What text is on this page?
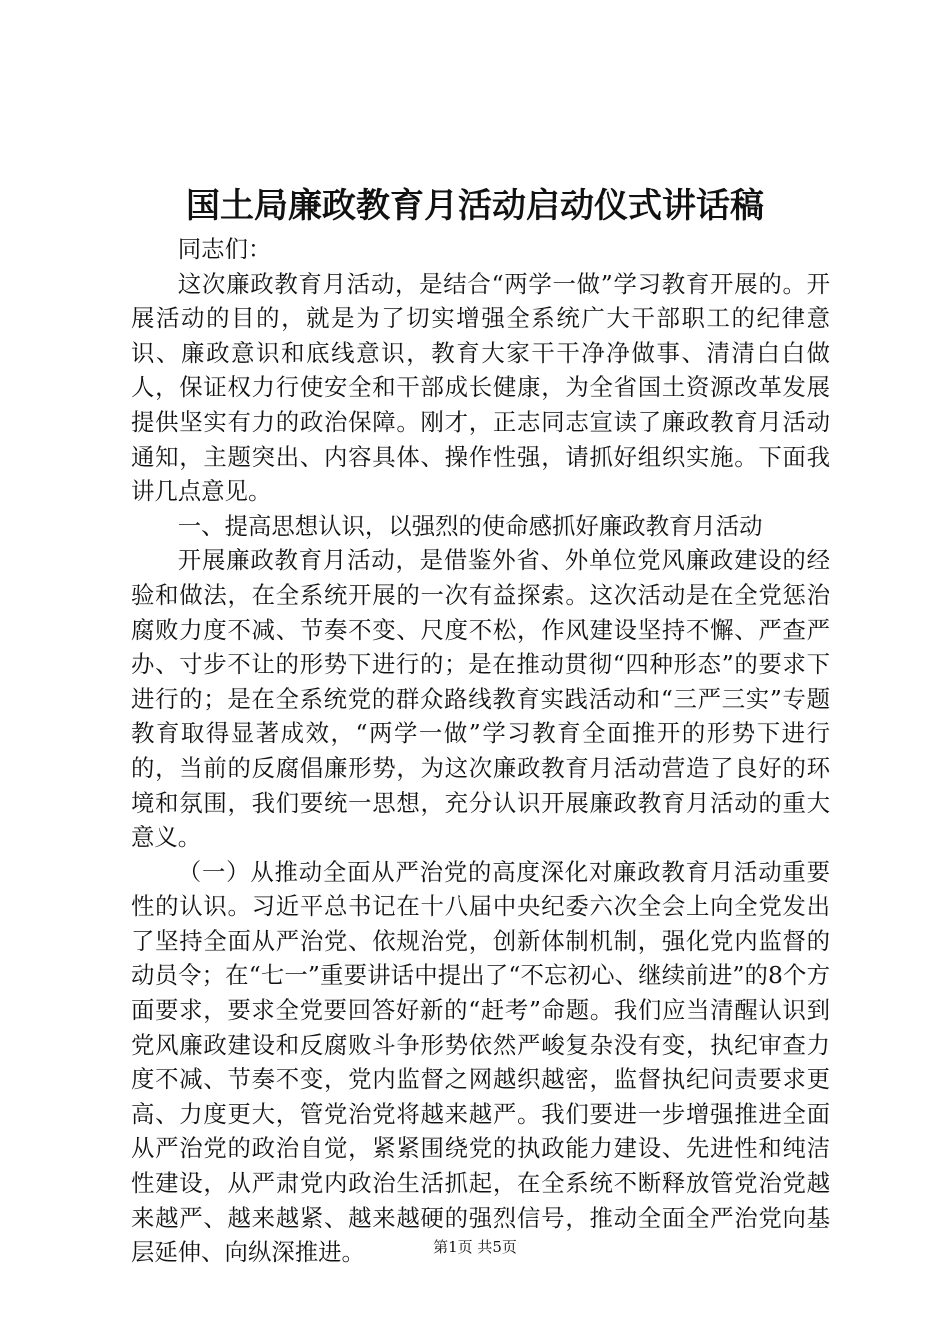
国土局廉政教育月活动启动仪式讲话稿

同志们：

这次廉政教育月活动，是结合“两学一做”学习教育开展的。开展活动的目的，就是为了切实增强全系统广大干部职工的纪律意识、廉政意识和底线意识，教育大家干干净净做事、清清白白做人，保证权力行使安全和干部成长健康，为全省国土资源改革发展提供坚实有力的政治保障。刚才，正志同志宣读了廉政教育月活动通知，主题突出、内容具体、操作性强，请抓好组织实施。下面我讲几点意见。

一、提高思想认识，以强烈的使命感抓好廉政教育月活动

开展廉政教育月活动，是借鉴外省、外单位党风廉政建设的经验和做法，在全系统开展的一次有益探索。这次活动是在全党惩治腐败力度不减、节奏不变、尺度不松，作风建设坚持不懈、严查严办、寸步不让的形势下进行的；是在推动贯彻“四种形态”的要求下进行的；是在全系统党的群众路线教育实践活动和“三严三实”专题教育取得显著成效，“两学一做”学习教育全面推开的形势下进行的，当前的反腐倡廉形势，为这次廉政教育月活动营造了良好的环境和氛围，我们要统一思想，充分认识开展廉政教育月活动的重大意义。

（一）从推动全面从严治党的高度深化对廉政教育月活动重要性的认识。习近平总书记在十八届中央纪委六次全会上向全党发出了坚持全面从严治党、依规治党，创新体制机制，强化党内监督的动员令；在“七一”重要讲话中提出了“不忘初心、继续前进”的8个方面要求，要求全党要回答好新的“赶考”命题。我们应当清醒认识到党风廉政建设和反腐败斗争形势依然严峻复杂没有变，执纪审查力度不减、节奏不变，党内监督之网越织越密，监督执纪问责要求更高、力度更大，管党治党将越来越严。我们要进一步增强推进全面从严治党的政治自觉，紧紧围绕党的执政能力建设、先进性和纯洁性建设，从严肃党内政治生活抓起，在全系统不断释放管党治党越来越严、越来越紧、越来越硬的强烈信号，推动全面全严治党向基层延伸、向纵深推进。	第1页 共5页
